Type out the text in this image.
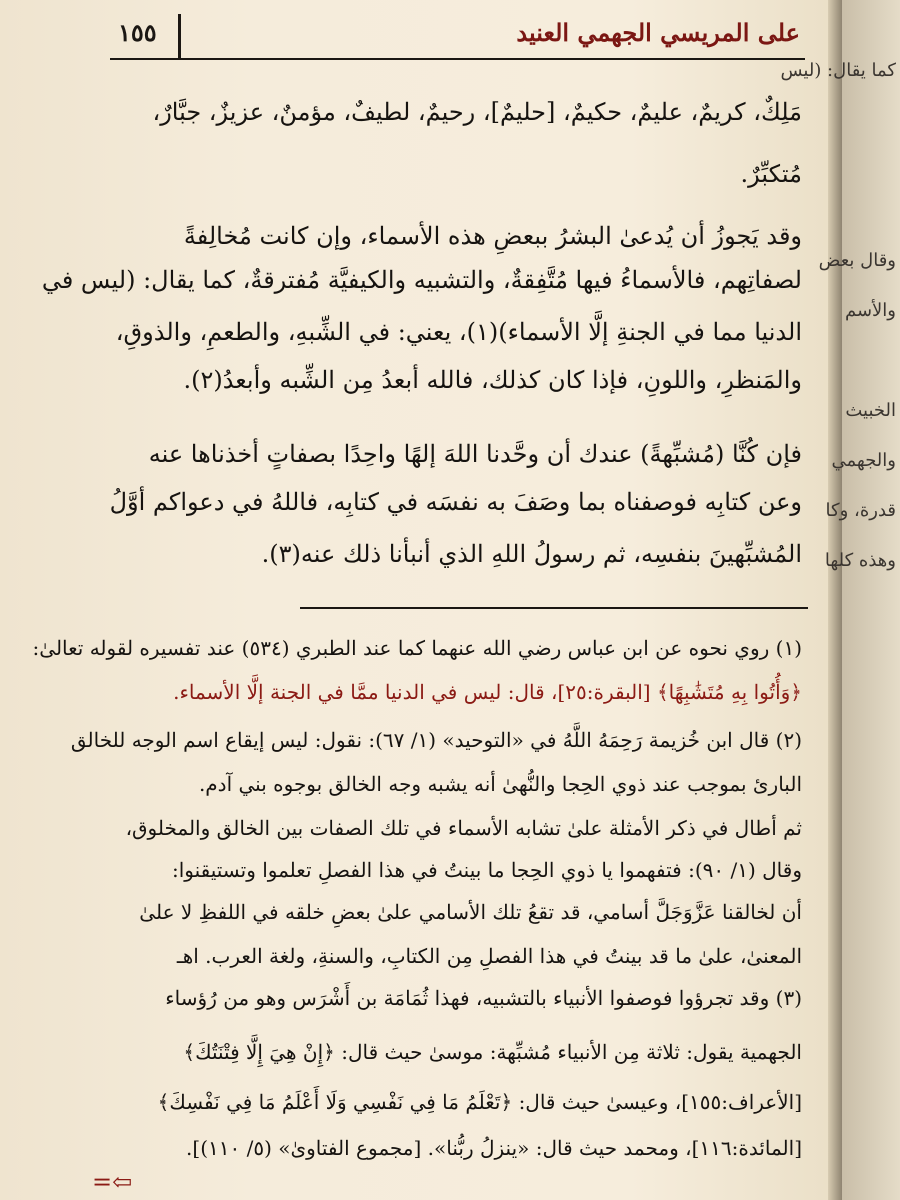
١٥٥	على المريسي الجهمي العنيد
مَلِكٌ، كريمٌ، عليمٌ، حكيمٌ، [حليمٌ]، رحيمٌ، لطيفٌ، مؤمنٌ، عزيزٌ، جبَّارٌ،
مُتكبِّرٌ.
وقد يَجوزُ أن يُدعىٰ البشرُ ببعضِ هذه الأسماء، وإن كانت مُخالِفةً
لصفاتِهم، فالأسماءُ فيها مُتَّفِقةٌ، والتشبيه والكيفيَّة مُفترقةٌ، كما يقال: (ليس في
الدنيا مما في الجنةِ إلَّا الأسماء)(١)، يعني: في الشِّبهِ، والطعمِ، والذوقِ،
والمَنظرِ، واللونِ، فإذا كان كذلك، فالله أبعدُ مِن الشِّبه وأبعدُ(٢).
فإن كُنَّا (مُشبِّهةً) عندك أن وحَّدنا اللهَ إلهًا واحِدًا بصفاتٍ أخذناها عنه
وعن كتابِه فوصفناه بما وصَفَ به نفسَه في كتابِه، فاللهُ في دعواكم أوَّلُ
المُشبِّهينَ بنفسِه، ثم رسولُ اللهِ الذي أنبأنا ذلك عنه(٣).
(١) روي نحوه عن ابن عباس رضي الله عنهما كما عند الطبري (٥٣٤) عند تفسيره لقوله تعالىٰ:
﴿وَأُتُوا بِهِ مُتَشَٰبِهًا﴾ [البقرة:٢٥]، قال: ليس في الدنيا ممَّا في الجنة إلَّا الأسماء.
(٢) قال ابن خُزيمة رَحِمَهُ اللَّهُ في «التوحيد» (١/ ٦٧): نقول: ليس إيقاع اسم الوجه للخالق
البارئ بموجب عند ذوي الحِجا والنُّهىٰ أنه يشبه وجه الخالق بوجوه بني آدم.
ثم أطال في ذكر الأمثلة علىٰ تشابه الأسماء في تلك الصفات بين الخالق والمخلوق،
وقال (١/ ٩٠): فتفهموا يا ذوي الحِجا ما بينتُ في هذا الفصلِ تعلموا وتستيقنوا:
أن لخالقنا عَزَّوَجَلَّ أسامي، قد تقعُ تلك الأسامي علىٰ بعضِ خلقه في اللفظِ لا علىٰ
المعنىٰ، علىٰ ما قد بينتُ في هذا الفصلِ مِن الكتابِ، والسنةِ، ولغة العرب. اهـ
(٣) وقد تجرؤوا فوصفوا الأنبياء بالتشبيه، فهذا ثُمَامَة بن أَشْرَس وهو من رُؤساء
الجهمية يقول: ثلاثة مِن الأنبياء مُشبِّهة: موسىٰ حيث قال: ﴿إِنْ هِيَ إِلَّا فِتْنَتُكَ﴾
[الأعراف:١٥٥]، وعيسىٰ حيث قال: ﴿تَعْلَمُ مَا فِي نَفْسِي وَلَا أَعْلَمُ مَا فِي نَفْسِكَ﴾
[المائدة:١١٦]، ومحمد حيث قال: «ينزلُ ربُّنا». [مجموع الفتاوىٰ» (٥/ ١١٠)].
⇦=
كما يقال: (ليس
وقال بعض
والأسم
الخبيث
والجهمي
قدرة، وكا
وهذه كلها
